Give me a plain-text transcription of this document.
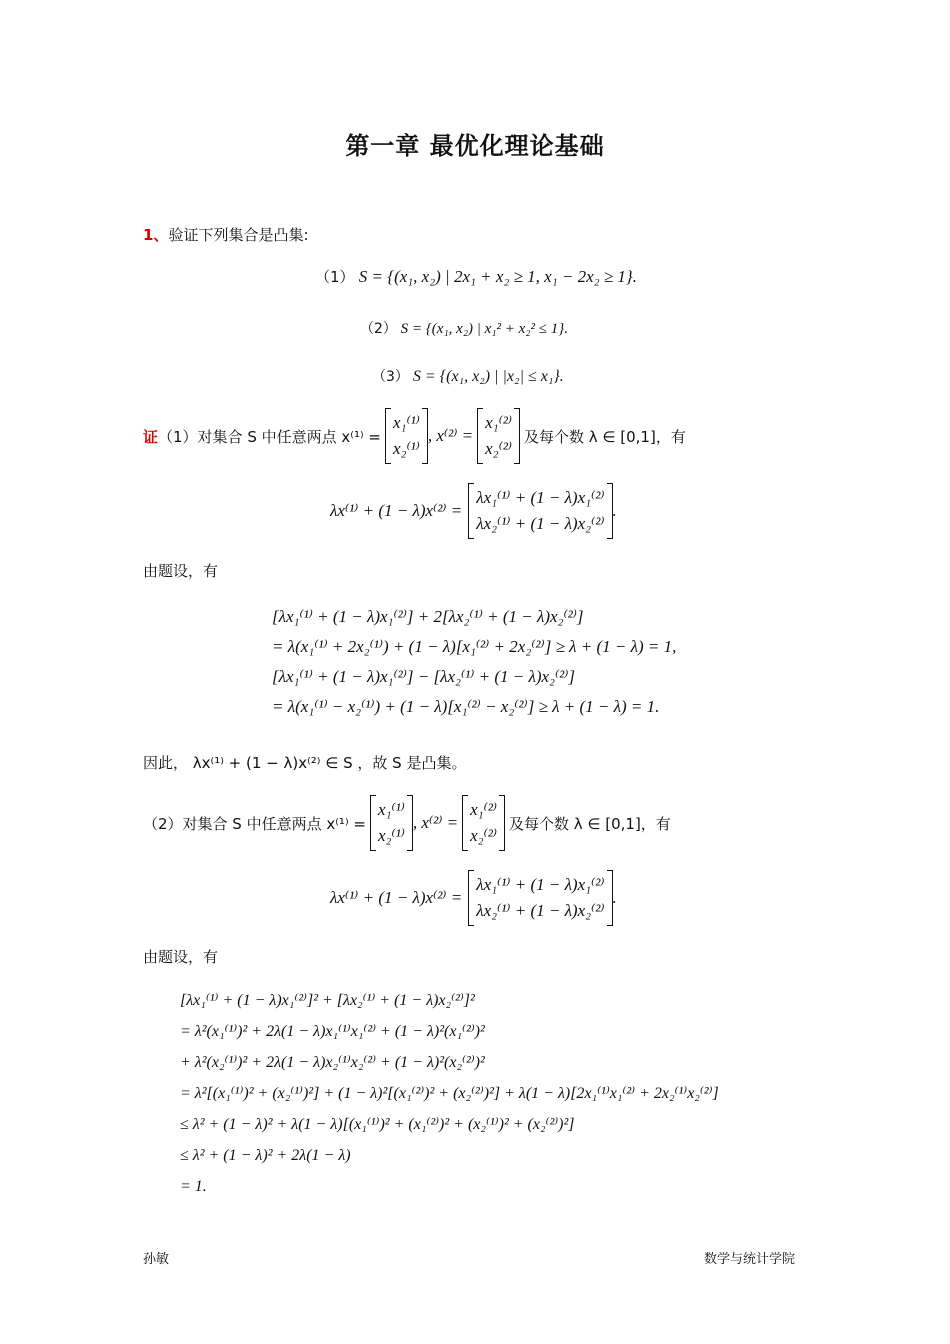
第一章 最优化理论基础
1、验证下列集合是凸集:
（1） S = {(x₁, x₂) | 2x₁ + x₂ ≥ 1, x₁ − 2x₂ ≥ 1}.
（2） S = {(x₁, x₂) | x₁² + x₂² ≤ 1}.
（3） S = {(x₁, x₂) | |x₂| ≤ x₁}.
证 （1）对集合 S 中任意两点 x⁽¹⁾ =
x₁⁽¹⁾
x₂⁽¹⁾
, x⁽²⁾ =
x₁⁽²⁾
x₂⁽²⁾
及每个数 λ ∈ [0,1]，有
λx⁽¹⁾ + (1 − λ)x⁽²⁾ =
λx₁⁽¹⁾ + (1 − λ)x₁⁽²⁾
λx₂⁽¹⁾ + (1 − λ)x₂⁽²⁾
.
由题设，有
[λx₁⁽¹⁾ + (1 − λ)x₁⁽²⁾] + 2[λx₂⁽¹⁾ + (1 − λ)x₂⁽²⁾]
= λ(x₁⁽¹⁾ + 2x₂⁽¹⁾) + (1 − λ)[x₁⁽²⁾ + 2x₂⁽²⁾] ≥ λ + (1 − λ) = 1,
[λx₁⁽¹⁾ + (1 − λ)x₁⁽²⁾] − [λx₂⁽¹⁾ + (1 − λ)x₂⁽²⁾]
= λ(x₁⁽¹⁾ − x₂⁽¹⁾) + (1 − λ)[x₁⁽²⁾ − x₂⁽²⁾] ≥ λ + (1 − λ) = 1.
因此， λx⁽¹⁾ + (1 − λ)x⁽²⁾ ∈ S ，故 S 是凸集。
（2）对集合 S 中任意两点 x⁽¹⁾ =
x₁⁽¹⁾
x₂⁽¹⁾
, x⁽²⁾ =
x₁⁽²⁾
x₂⁽²⁾
及每个数 λ ∈ [0,1]，有
λx⁽¹⁾ + (1 − λ)x⁽²⁾ =
λx₁⁽¹⁾ + (1 − λ)x₁⁽²⁾
λx₂⁽¹⁾ + (1 − λ)x₂⁽²⁾
.
由题设，有
[λx₁⁽¹⁾ + (1 − λ)x₁⁽²⁾]² + [λx₂⁽¹⁾ + (1 − λ)x₂⁽²⁾]²
= λ²(x₁⁽¹⁾)² + 2λ(1 − λ)x₁⁽¹⁾x₁⁽²⁾ + (1 − λ)²(x₁⁽²⁾)²
+ λ²(x₂⁽¹⁾)² + 2λ(1 − λ)x₂⁽¹⁾x₂⁽²⁾ + (1 − λ)²(x₂⁽²⁾)²
= λ²[(x₁⁽¹⁾)² + (x₂⁽¹⁾)²] + (1 − λ)²[(x₁⁽²⁾)² + (x₂⁽²⁾)²] + λ(1 − λ)[2x₁⁽¹⁾x₁⁽²⁾ + 2x₂⁽¹⁾x₂⁽²⁾]
≤ λ² + (1 − λ)² + λ(1 − λ)[(x₁⁽¹⁾)² + (x₁⁽²⁾)² + (x₂⁽¹⁾)² + (x₂⁽²⁾)²]
≤ λ² + (1 − λ)² + 2λ(1 − λ)
= 1.
孙敏	数学与统计学院
